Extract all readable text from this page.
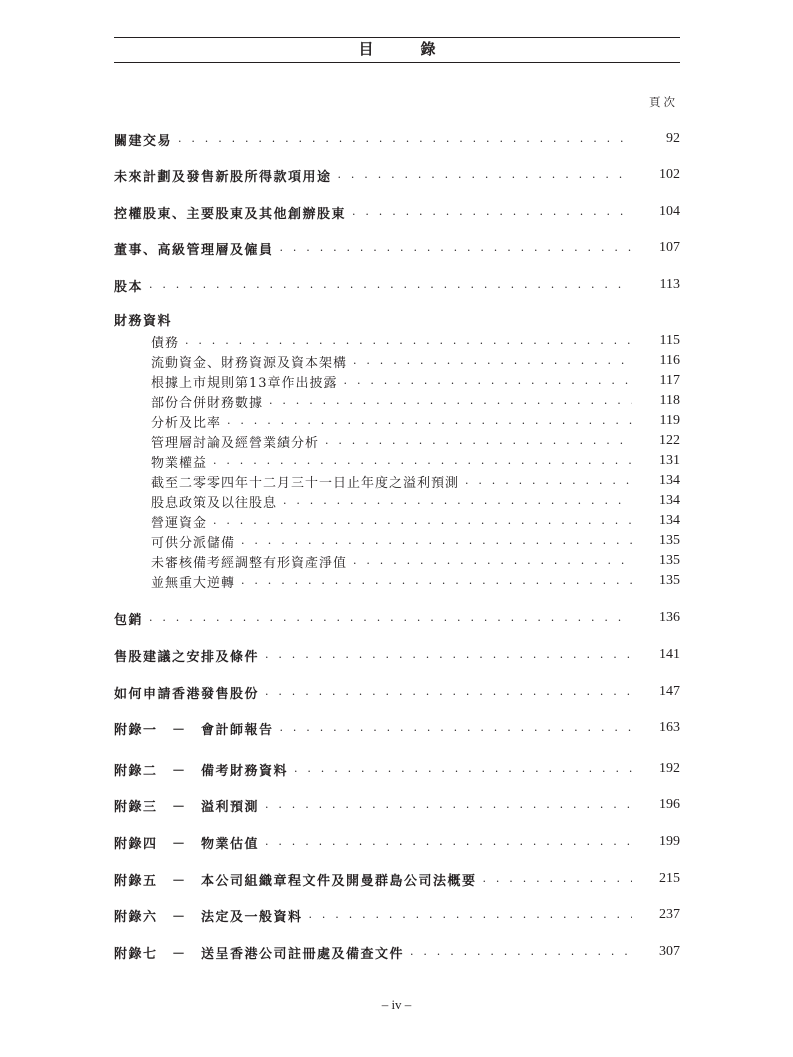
目　錄
頁次
關建交易 . . .	92
未來計劃及發售新股所得款項用途 . . .	102
控權股東、主要股東及其他創辦股東 . . .	104
董事、高級管理層及僱員 . . .	107
股本 . . .	113
財務資料
債務 . . .	115
流動資金、財務資源及資本架構 . . .	116
根據上市規則第13章作出披露 . . .	117
部份合併財務數據 . . .	118
分析及比率 . . .	119
管理層討論及經營業績分析 . . .	122
物業權益 . . .	131
截至二零零四年十二月三十一日止年度之溢利預測 . . .	134
股息政策及以往股息 . . .	134
營運資金 . . .	134
可供分派儲備 . . .	135
未審核備考經調整有形資產淨值 . . .	135
並無重大逆轉 . . .	135
包銷 . . .	136
售股建議之安排及條件 . . .	141
如何申請香港發售股份 . . .	147
附錄一　－　會計師報告 . . .	163
附錄二　－　備考財務資料 . . .	192
附錄三　－　溢利預測 . . .	196
附錄四　－　物業估值 . . .	199
附錄五　－　本公司組織章程文件及開曼群島公司法概要 . . .	215
附錄六　－　法定及一般資料 . . .	237
附錄七　－　送呈香港公司註冊處及備查文件 . . .	307
– iv –
